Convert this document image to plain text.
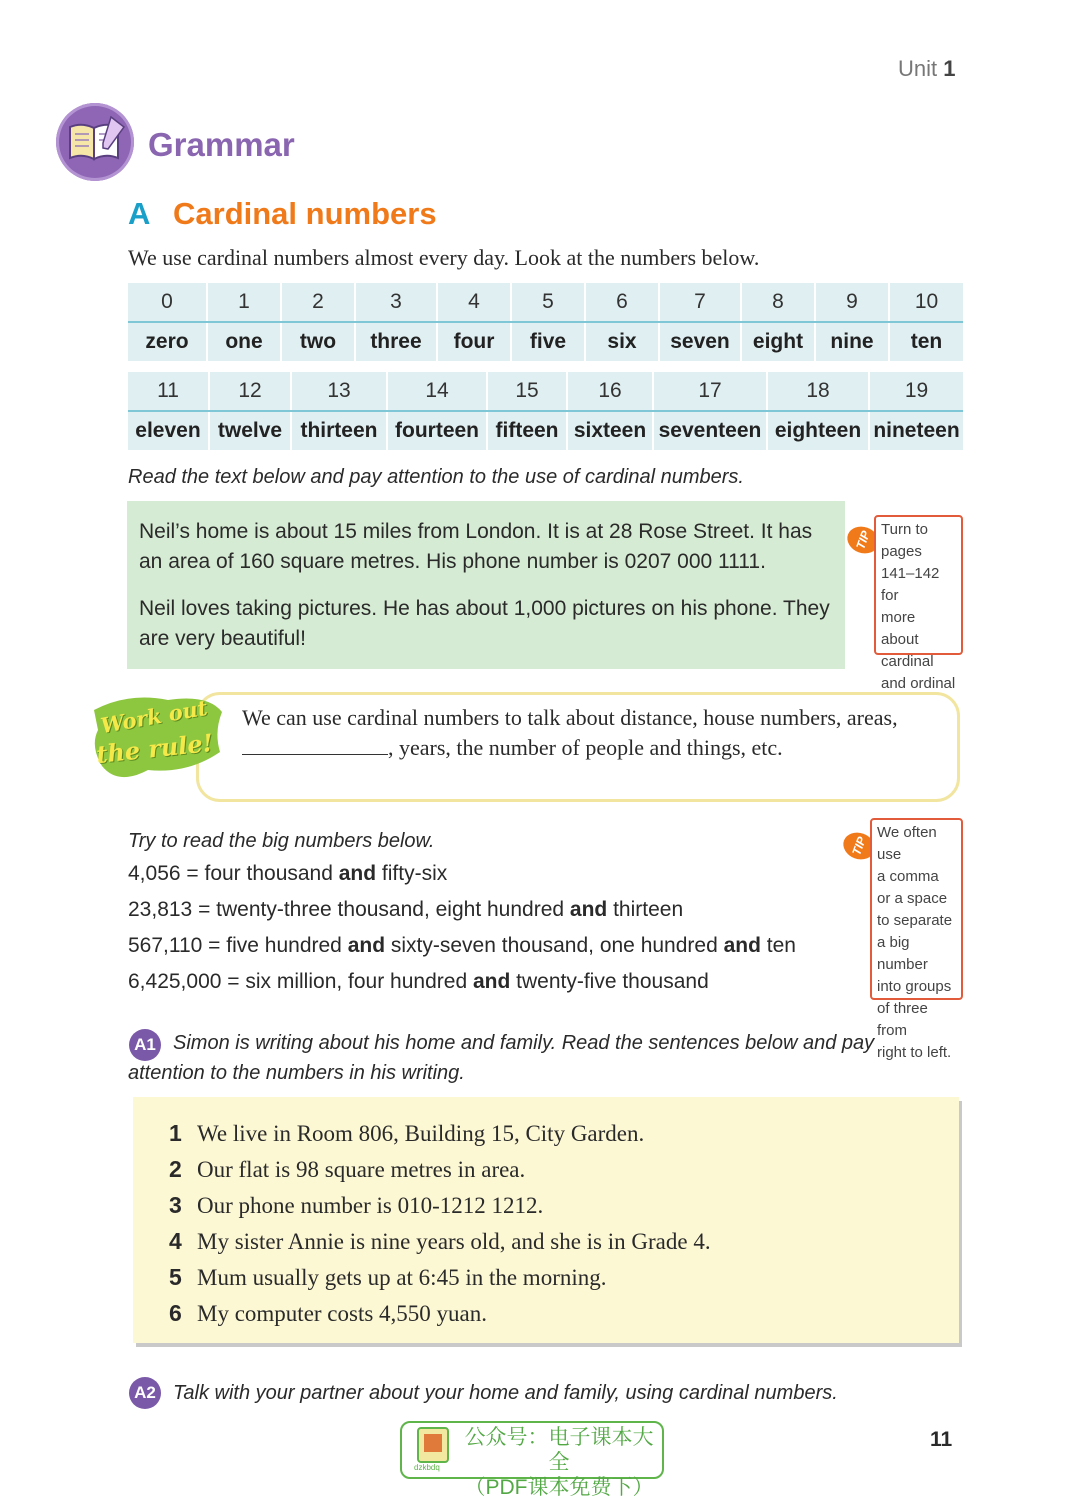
Unit 1
Grammar
A Cardinal numbers
We use cardinal numbers almost every day. Look at the numbers below.
0	1	2	3	4	5	6	7	8	9	10
zero	one	two	three	four	five	six	seven	eight	nine	ten
11	12	13	14	15	16	17	18	19
eleven	twelve	thirteen	fourteen	fifteen	sixteen	seventeen	eighteen	nineteen
Read the text below and pay attention to the use of cardinal numbers.

Neil’s home is about 15 miles from London. It is at 28 Rose Street. It has an area of 160 square metres. His phone number is 0207 000 1111.

Neil loves taking pictures. He has about 1,000 pictures on his phone. They are very beautiful!

TIP Turn to pages
141–142 for
more about
cardinal
and ordinal
Work out
the rule!
We can use cardinal numbers to talk about distance, house numbers, areas, , years, the number of people and things, etc.
Try to read the big numbers below.
4,056 = four thousand and fifty-six
23,813 = twenty-three thousand, eight hundred and thirteen
567,110 = five hundred and sixty-seven thousand, one hundred and ten
6,425,000 = six million, four hundred and twenty-five thousand
TIP
We often use
a comma
or a space
to separate
a big number
into groups
of three from
right to left.
A1 Simon is writing about his home and family. Read the sentences below and pay
attention to the numbers in his writing.
1 We live in Room 806, Building 15, City Garden.
2 Our flat is 98 square metres in area.
3 Our phone number is 010-1212 1212.
4 My sister Annie is nine years old, and she is in Grade 4.
5 Mum usually gets up at 6:45 in the morning.
6 My computer costs 4,550 yuan.
A2 Talk with your partner about your home and family, using cardinal numbers.
dzkbdq
公众号：电子课本大全
（PDF课本免费下）
11
